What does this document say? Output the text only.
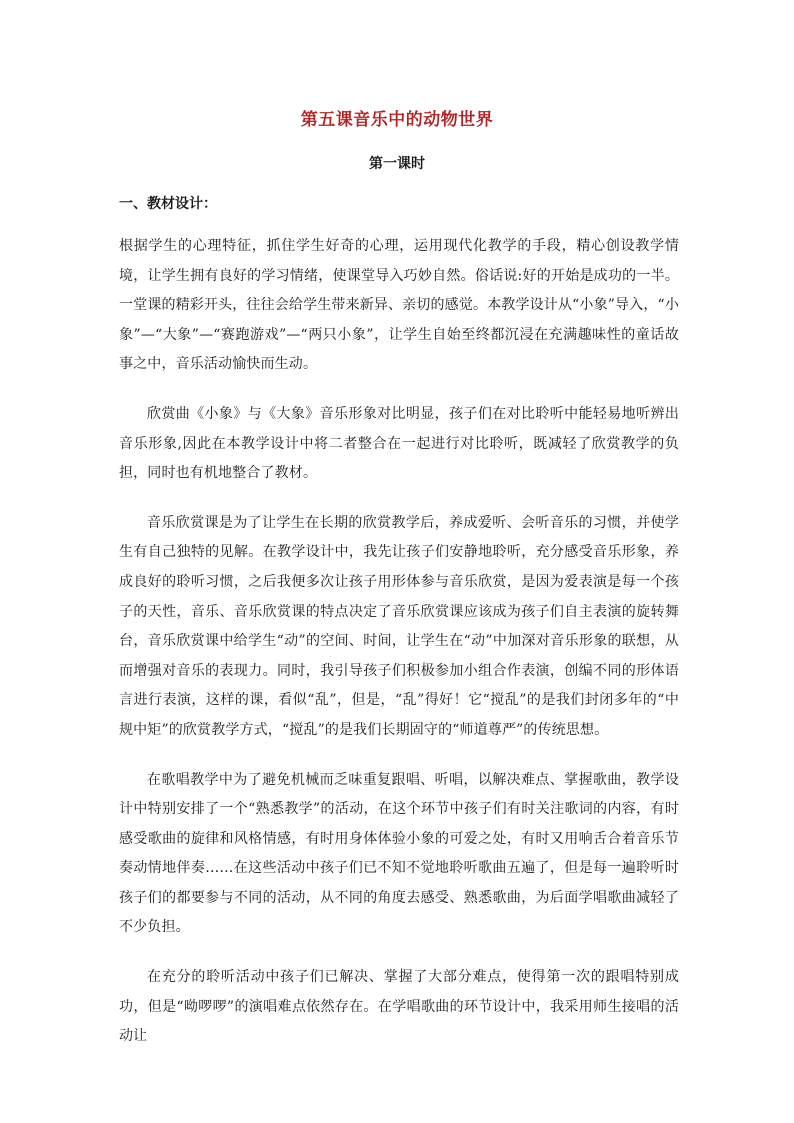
第五课音乐中的动物世界
第一课时
一、教材设计：

根据学生的心理特征，抓住学生好奇的心理，运用现代化教学的手段，精心创设教学情境，让学生拥有良好的学习情绪，使课堂导入巧妙自然。俗话说:好的开始是成功的一半。一堂课的精彩开头，往往会给学生带来新异、亲切的感觉。本教学设计从“小象”导入，“小象”—“大象”—“赛跑游戏”—“两只小象”，让学生自始至终都沉浸在充满趣味性的童话故事之中，音乐活动愉快而生动。

欣赏曲《小象》与《大象》音乐形象对比明显，孩子们在对比聆听中能轻易地听辨出音乐形象,因此在本教学设计中将二者整合在一起进行对比聆听，既减轻了欣赏教学的负担，同时也有机地整合了教材。

音乐欣赏课是为了让学生在长期的欣赏教学后，养成爱听、会听音乐的习惯，并使学生有自己独特的见解。在教学设计中，我先让孩子们安静地聆听，充分感受音乐形象，养成良好的聆听习惯，之后我便多次让孩子用形体参与音乐欣赏，是因为爱表演是每一个孩子的天性，音乐、音乐欣赏课的特点决定了音乐欣赏课应该成为孩子们自主表演的旋转舞台，音乐欣赏课中给学生“动”的空间、时间，让学生在“动”中加深对音乐形象的联想，从而增强对音乐的表现力。同时，我引导孩子们积极参加小组合作表演，创编不同的形体语言进行表演，这样的课，看似“乱”，但是，“乱”得好！它“搅乱”的是我们封闭多年的“中规中矩”的欣赏教学方式，“搅乱”的是我们长期固守的“师道尊严”的传统思想。

在歌唱教学中为了避免机械而乏味重复跟唱、听唱，以解决难点、掌握歌曲，教学设计中特别安排了一个“熟悉教学”的活动，在这个环节中孩子们有时关注歌词的内容，有时感受歌曲的旋律和风格情感，有时用身体体验小象的可爱之处，有时又用响舌合着音乐节奏动情地伴奏……在这些活动中孩子们已不知不觉地聆听歌曲五遍了，但是每一遍聆听时孩子们的都要参与不同的活动，从不同的角度去感受、熟悉歌曲，为后面学唱歌曲减轻了不少负担。

在充分的聆听活动中孩子们已解决、掌握了大部分难点，使得第一次的跟唱特别成功，但是“呦啰啰”的演唱难点依然存在。在学唱歌曲的环节设计中，我采用师生接唱的活动让
